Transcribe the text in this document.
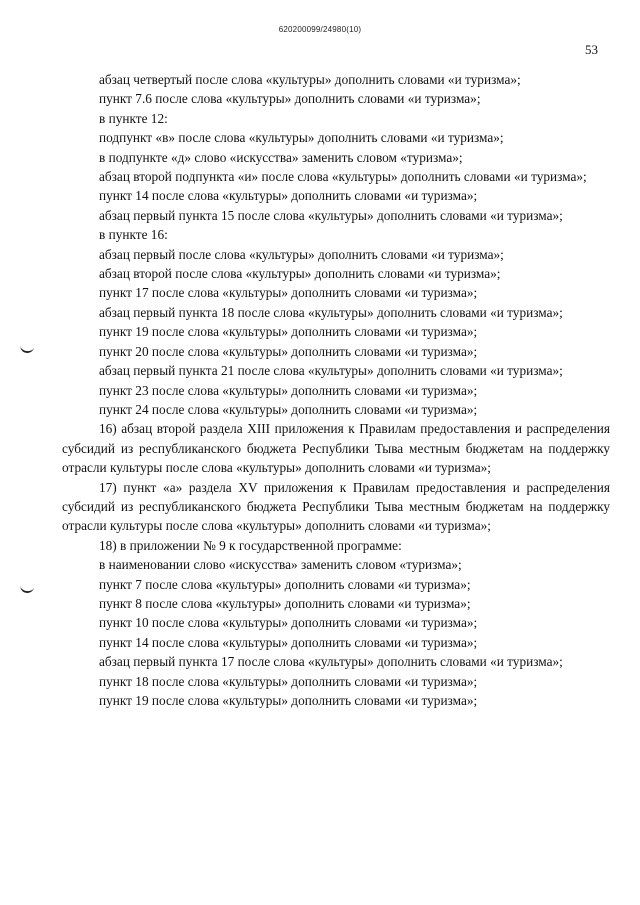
620200099/24980(10)
53

абзац четвертый после слова «культуры» дополнить словами «и туризма»;

пункт 7.6 после слова «культуры» дополнить словами «и туризма»;

в пункте 12:

подпункт «в» после слова «культуры» дополнить словами «и туризма»;

в подпункте «д» слово «искусства» заменить словом «туризма»;

абзац второй подпункта «и» после слова «культуры» дополнить словами «и туризма»;

пункт 14 после слова «культуры» дополнить словами «и туризма»;

абзац первый пункта 15 после слова «культуры» дополнить словами «и туризма»;

в пункте 16:

абзац первый после слова «культуры» дополнить словами «и туризма»;

абзац второй после слова «культуры» дополнить словами «и туризма»;

пункт 17 после слова «культуры» дополнить словами «и туризма»;

абзац первый пункта 18 после слова «культуры» дополнить словами «и туризма»;

пункт 19 после слова «культуры» дополнить словами «и туризма»;

пункт 20 после слова «культуры» дополнить словами «и туризма»;

абзац первый пункта 21 после слова «культуры» дополнить словами «и туризма»;

пункт 23 после слова «культуры» дополнить словами «и туризма»;

пункт 24 после слова «культуры» дополнить словами «и туризма»;

16) абзац второй раздела XIII приложения к Правилам предоставления и распределения субсидий из республиканского бюджета Республики Тыва местным бюджетам на поддержку отрасли культуры после слова «культуры» дополнить словами «и туризма»;

17) пункт «а» раздела XV приложения к Правилам предоставления и распределения субсидий из республиканского бюджета Республики Тыва местным бюджетам на поддержку отрасли культуры после слова «культуры» дополнить словами «и туризма»;

18) в приложении № 9 к государственной программе:

в наименовании слово «искусства» заменить словом «туризма»;

пункт 7 после слова «культуры» дополнить словами «и туризма»;

пункт 8 после слова «культуры» дополнить словами «и туризма»;

пункт 10 после слова «культуры» дополнить словами «и туризма»;

пункт 14 после слова «культуры» дополнить словами «и туризма»;

абзац первый пункта 17 после слова «культуры» дополнить словами «и туризма»;

пункт 18 после слова «культуры» дополнить словами «и туризма»;

пункт 19 после слова «культуры» дополнить словами «и туризма»;
